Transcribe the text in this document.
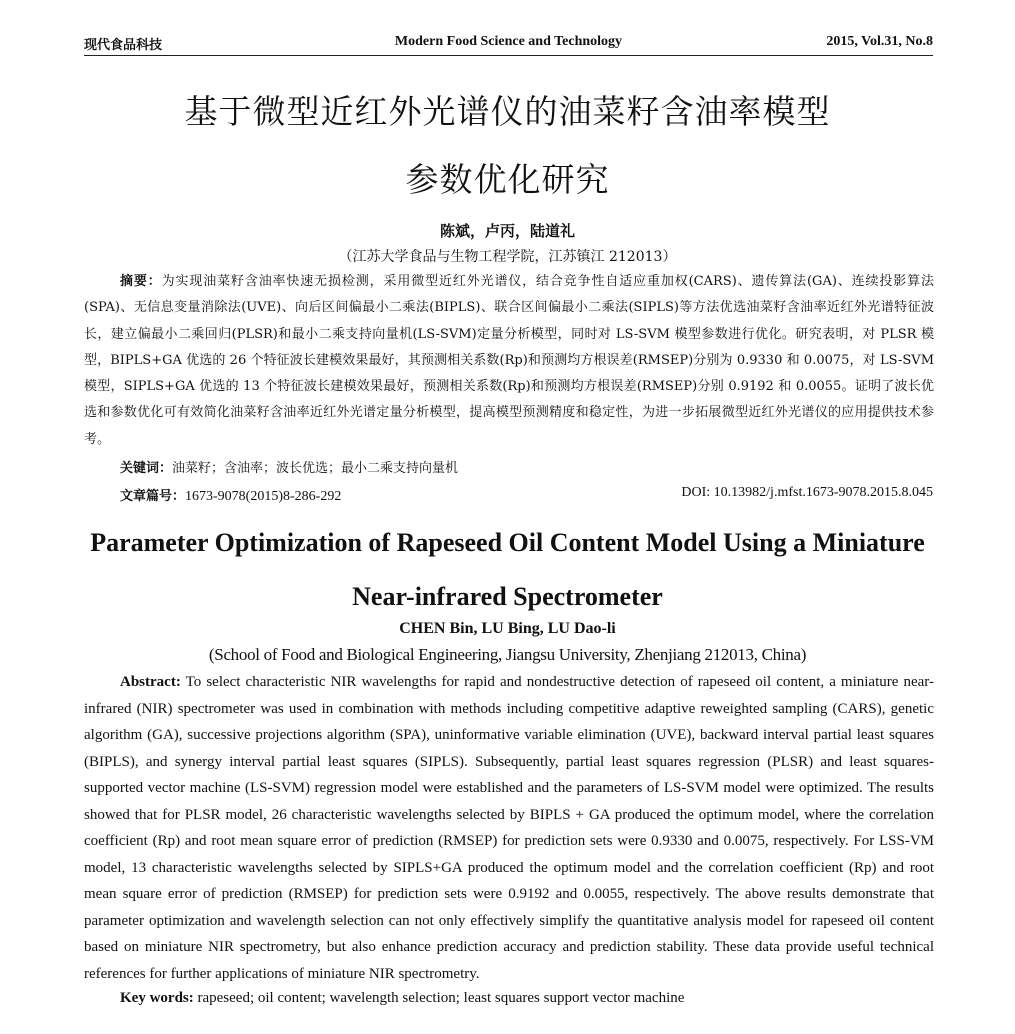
现代食品科技	Modern Food Science and Technology	2015, Vol.31, No.8
基于微型近红外光谱仪的油菜籽含油率模型
参数优化研究
陈斌，卢丙，陆道礼
（江苏大学食品与生物工程学院，江苏镇江 212013）
摘要：为实现油菜籽含油率快速无损检测，采用微型近红外光谱仪，结合竞争性自适应重加权(CARS)、遗传算法(GA)、连续投影算法(SPA)、无信息变量消除法(UVE)、向后区间偏最小二乘法(BIPLS)、联合区间偏最小二乘法(SIPLS)等方法优选油菜籽含油率近红外光谱特征波长，建立偏最小二乘回归(PLSR)和最小二乘支持向量机(LS-SVM)定量分析模型，同时对 LS-SVM 模型参数进行优化。研究表明，对 PLSR 模型，BIPLS+GA 优选的 26 个特征波长建模效果最好，其预测相关系数(Rp)和预测均方根误差(RMSEP)分别为 0.9330 和 0.0075，对 LS-SVM 模型，SIPLS+GA 优选的 13 个特征波长建模效果最好，预测相关系数(Rp)和预测均方根误差(RMSEP)分别 0.9192 和 0.0055。证明了波长优选和参数优化可有效简化油菜籽含油率近红外光谱定量分析模型，提高模型预测精度和稳定性，为进一步拓展微型近红外光谱仪的应用提供技术参考。
关键词：油菜籽；含油率；波长优选；最小二乘支持向量机
文章篇号：1673-9078(2015)8-286-292	DOI: 10.13982/j.mfst.1673-9078.2015.8.045
Parameter Optimization of Rapeseed Oil Content Model Using a Miniature
Near-infrared Spectrometer
CHEN Bin, LU Bing, LU Dao-li
(School of Food and Biological Engineering, Jiangsu University, Zhenjiang 212013, China)
Abstract: To select characteristic NIR wavelengths for rapid and nondestructive detection of rapeseed oil content, a miniature near-infrared (NIR) spectrometer was used in combination with methods including competitive adaptive reweighted sampling (CARS), genetic algorithm (GA), successive projections algorithm (SPA), uninformative variable elimination (UVE), backward interval partial least squares (BIPLS), and synergy interval partial least squares (SIPLS). Subsequently, partial least squares regression (PLSR) and least squares-supported vector machine (LS-SVM) regression model were established and the parameters of LS-SVM model were optimized. The results showed that for PLSR model, 26 characteristic wavelengths selected by BIPLS + GA produced the optimum model, where the correlation coefficient (Rp) and root mean square error of prediction (RMSEP) for prediction sets were 0.9330 and 0.0075, respectively. For LSS-VM model, 13 characteristic wavelengths selected by SIPLS+GA produced the optimum model and the correlation coefficient (Rp) and root mean square error of prediction (RMSEP) for prediction sets were 0.9192 and 0.0055, respectively. The above results demonstrate that parameter optimization and wavelength selection can not only effectively simplify the quantitative analysis model for rapeseed oil content based on miniature NIR spectrometry, but also enhance prediction accuracy and prediction stability. These data provide useful technical references for further applications of miniature NIR spectrometry.
Key words: rapeseed; oil content; wavelength selection; least squares support vector machine
